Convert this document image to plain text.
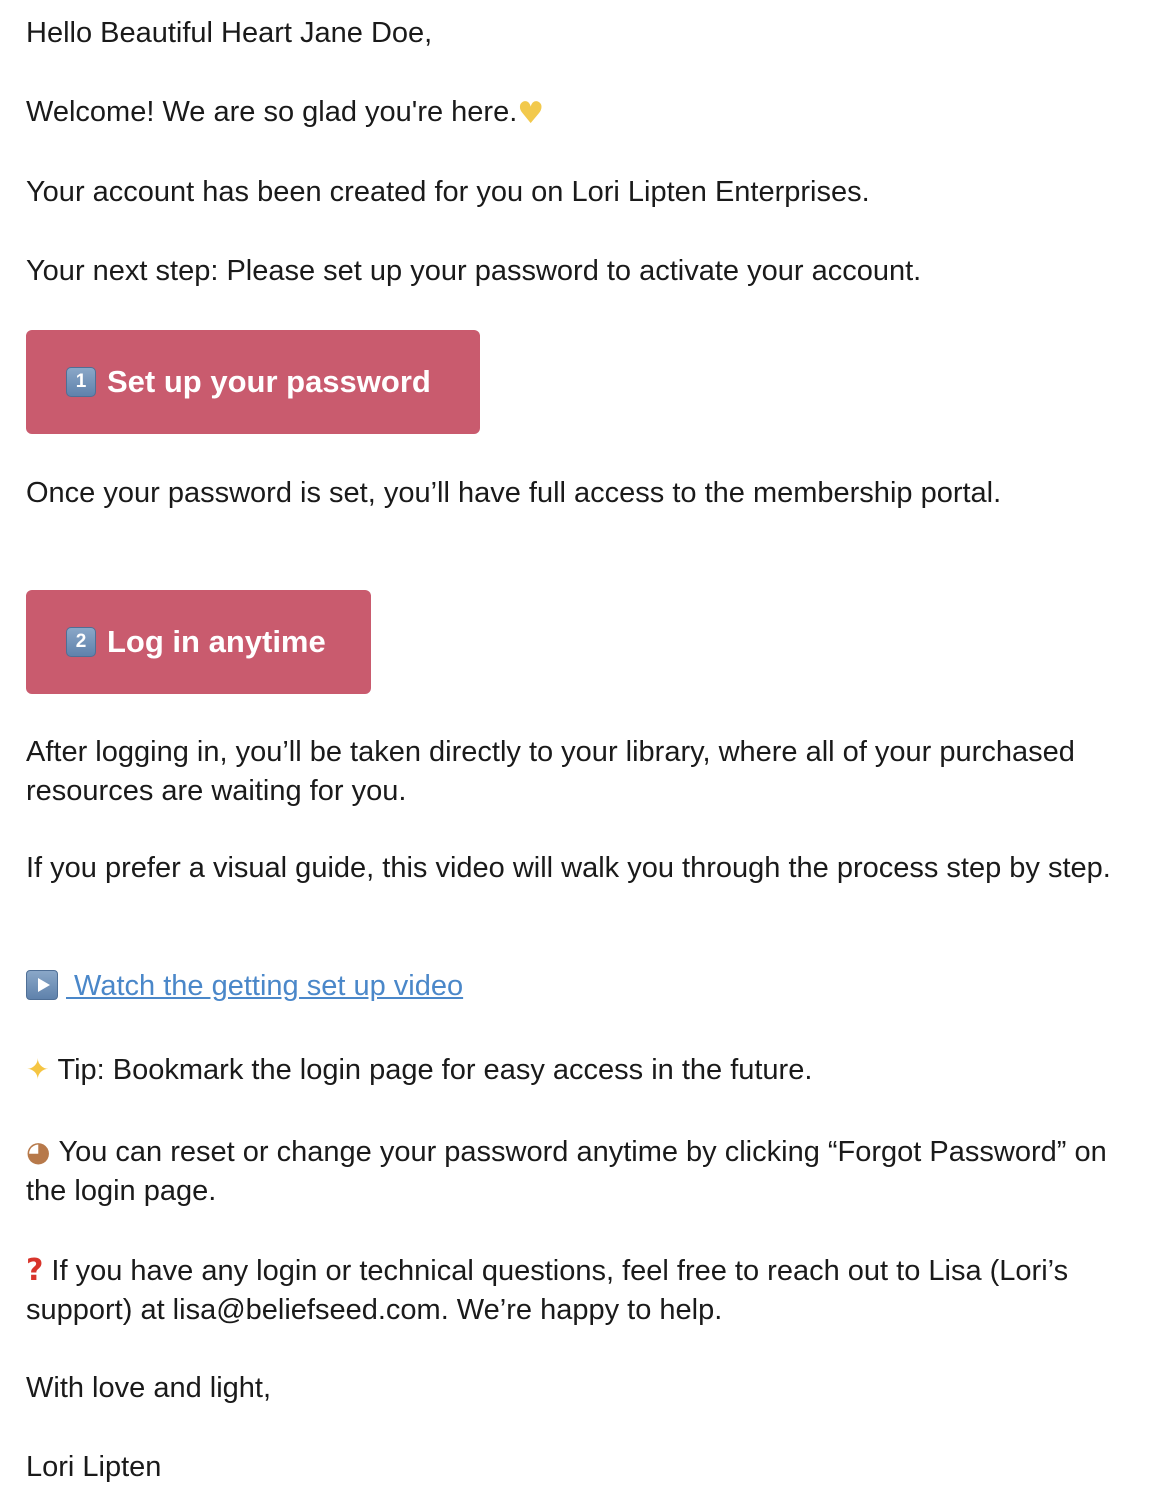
Hello Beautiful Heart Jane Doe,
Welcome! We are so glad you're here.♥
Your account has been created for you on Lori Lipten Enterprises.
Your next step: Please set up your password to activate your account.
1 Set up your password
Once your password is set, you’ll have full access to the membership portal.
2 Log in anytime
After logging in, you’ll be taken directly to your library, where all of your purchased resources are waiting for you.
If you prefer a visual guide, this video will walk you through the process step by step.
Watch the getting set up video
✦ Tip: Bookmark the login page for easy access in the future.
◕ You can reset or change your password anytime by clicking “Forgot Password” on the login page.
? If you have any login or technical questions, feel free to reach out to Lisa (Lori’s support) at lisa@beliefseed.com. We’re happy to help.
With love and light,
Lori Lipten
